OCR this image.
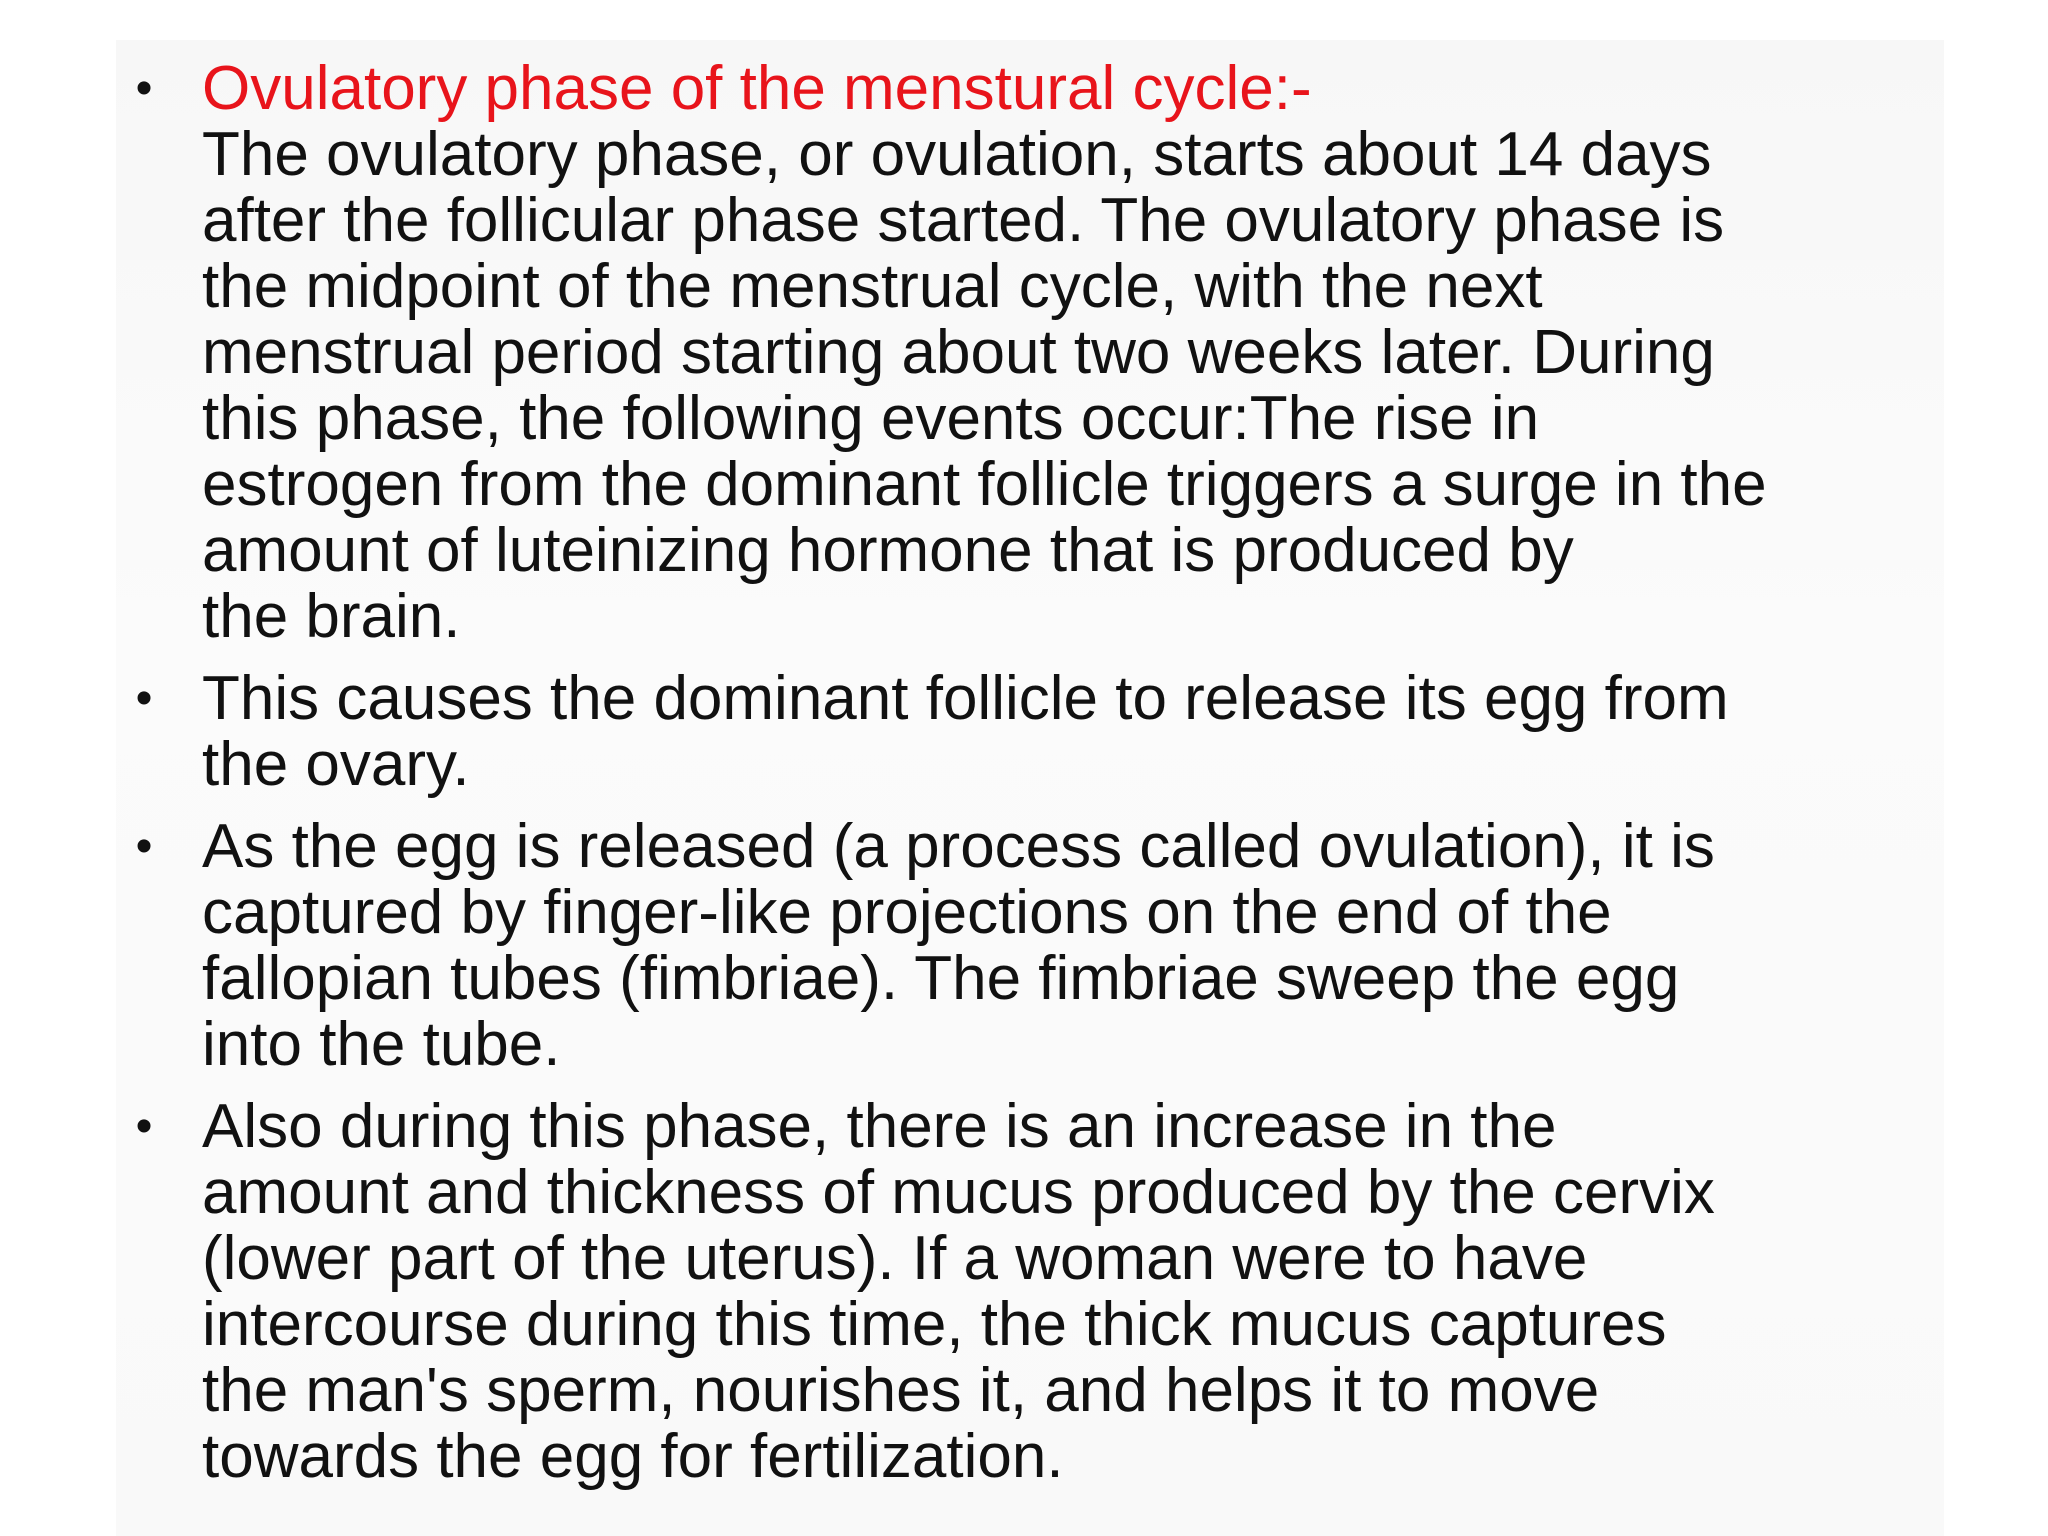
• Ovulatory phase of the menstural cycle:-
The ovulatory phase, or ovulation, starts about 14 days
after the follicular phase started. The ovulatory phase is
the midpoint of the menstrual cycle, with the next
menstrual period starting about two weeks later. During
this phase, the following events occur:The rise in
estrogen from the dominant follicle triggers a surge in the
amount of luteinizing hormone that is produced by
the brain.
• This causes the dominant follicle to release its egg from
the ovary.
• As the egg is released (a process called ovulation), it is
captured by finger-like projections on the end of the
fallopian tubes (fimbriae). The fimbriae sweep the egg
into the tube.
• Also during this phase, there is an increase in the
amount and thickness of mucus produced by the cervix
(lower part of the uterus). If a woman were to have
intercourse during this time, the thick mucus captures
the man's sperm, nourishes it, and helps it to move
towards the egg for fertilization.
